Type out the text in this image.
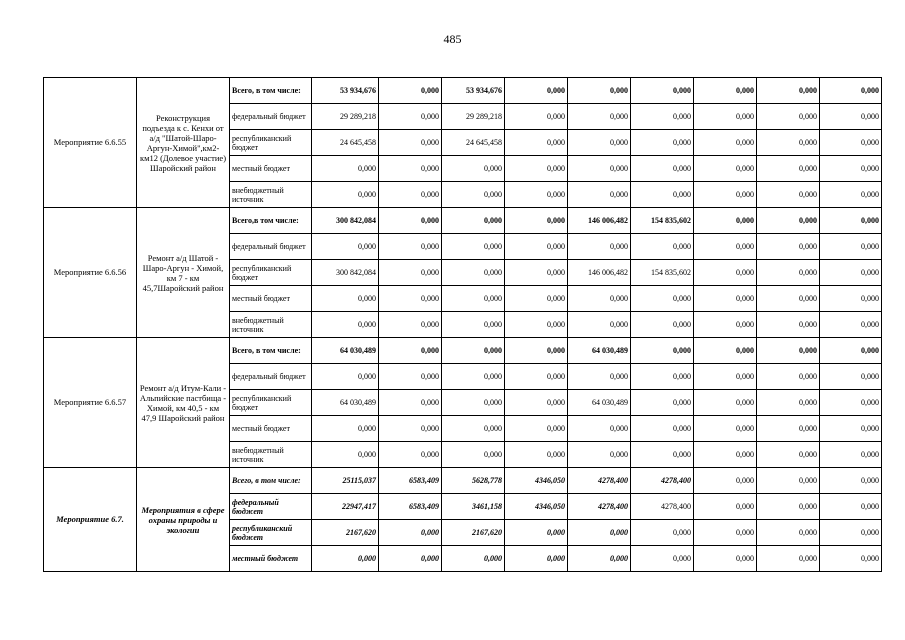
485
Мероприятие 6.6.55	Реконструкция подъезда к с. Кенхи от а/д "Шатой-Шаро-Аргун-Химой",км2-км12 (Долевое участие) Шаройский район	Всего, в том числе:	53 934,676	0,000	53 934,676	0,000	0,000	0,000	0,000	0,000	0,000
		федеральный бюджет	29 289,218	0,000	29 289,218	0,000	0,000	0,000	0,000	0,000	0,000
		республиканский бюджет	24 645,458	0,000	24 645,458	0,000	0,000	0,000	0,000	0,000	0,000
		местный бюджет	0,000	0,000	0,000	0,000	0,000	0,000	0,000	0,000	0,000
		внебюджетный источник	0,000	0,000	0,000	0,000	0,000	0,000	0,000	0,000	0,000
Мероприятие 6.6.56	Ремонт а/д Шатой - Шаро-Аргун - Химой, км 7 - км 45,7Шаройский район	Всего,в том числе:	300 842,084	0,000	0,000	0,000	146 006,482	154 835,602	0,000	0,000	0,000
		федеральный бюджет	0,000	0,000	0,000	0,000	0,000	0,000	0,000	0,000	0,000
		республиканский бюджет	300 842,084	0,000	0,000	0,000	146 006,482	154 835,602	0,000	0,000	0,000
		местный бюджет	0,000	0,000	0,000	0,000	0,000	0,000	0,000	0,000	0,000
		внебюджетный источник	0,000	0,000	0,000	0,000	0,000	0,000	0,000	0,000	0,000
Мероприятие 6.6.57	Ремонт а/д Итум-Кали - Альпийские пастбища - Химой, км 40,5 - км 47,9 Шаройский район	Всего, в том числе:	64 030,489	0,000	0,000	0,000	64 030,489	0,000	0,000	0,000	0,000
		федеральный бюджет	0,000	0,000	0,000	0,000	0,000	0,000	0,000	0,000	0,000
		республиканский бюджет	64 030,489	0,000	0,000	0,000	64 030,489	0,000	0,000	0,000	0,000
		местный бюджет	0,000	0,000	0,000	0,000	0,000	0,000	0,000	0,000	0,000
		внебюджетный источник	0,000	0,000	0,000	0,000	0,000	0,000	0,000	0,000	0,000
Мероприятие 6.7.	Мероприятия в сфере охраны природы и экологии	Всего, в том числе:	25115,037	6583,409	5628,778	4346,050	4278,400	4278,400	0,000	0,000	0,000
		федеральный бюджет	22947,417	6583,409	3461,158	4346,050	4278,400	4278,400	0,000	0,000	0,000
		республиканский бюджет	2167,620	0,000	2167,620	0,000	0,000	0,000	0,000	0,000	0,000
		местный бюджет	0,000	0,000	0,000	0,000	0,000	0,000	0,000	0,000	0,000
